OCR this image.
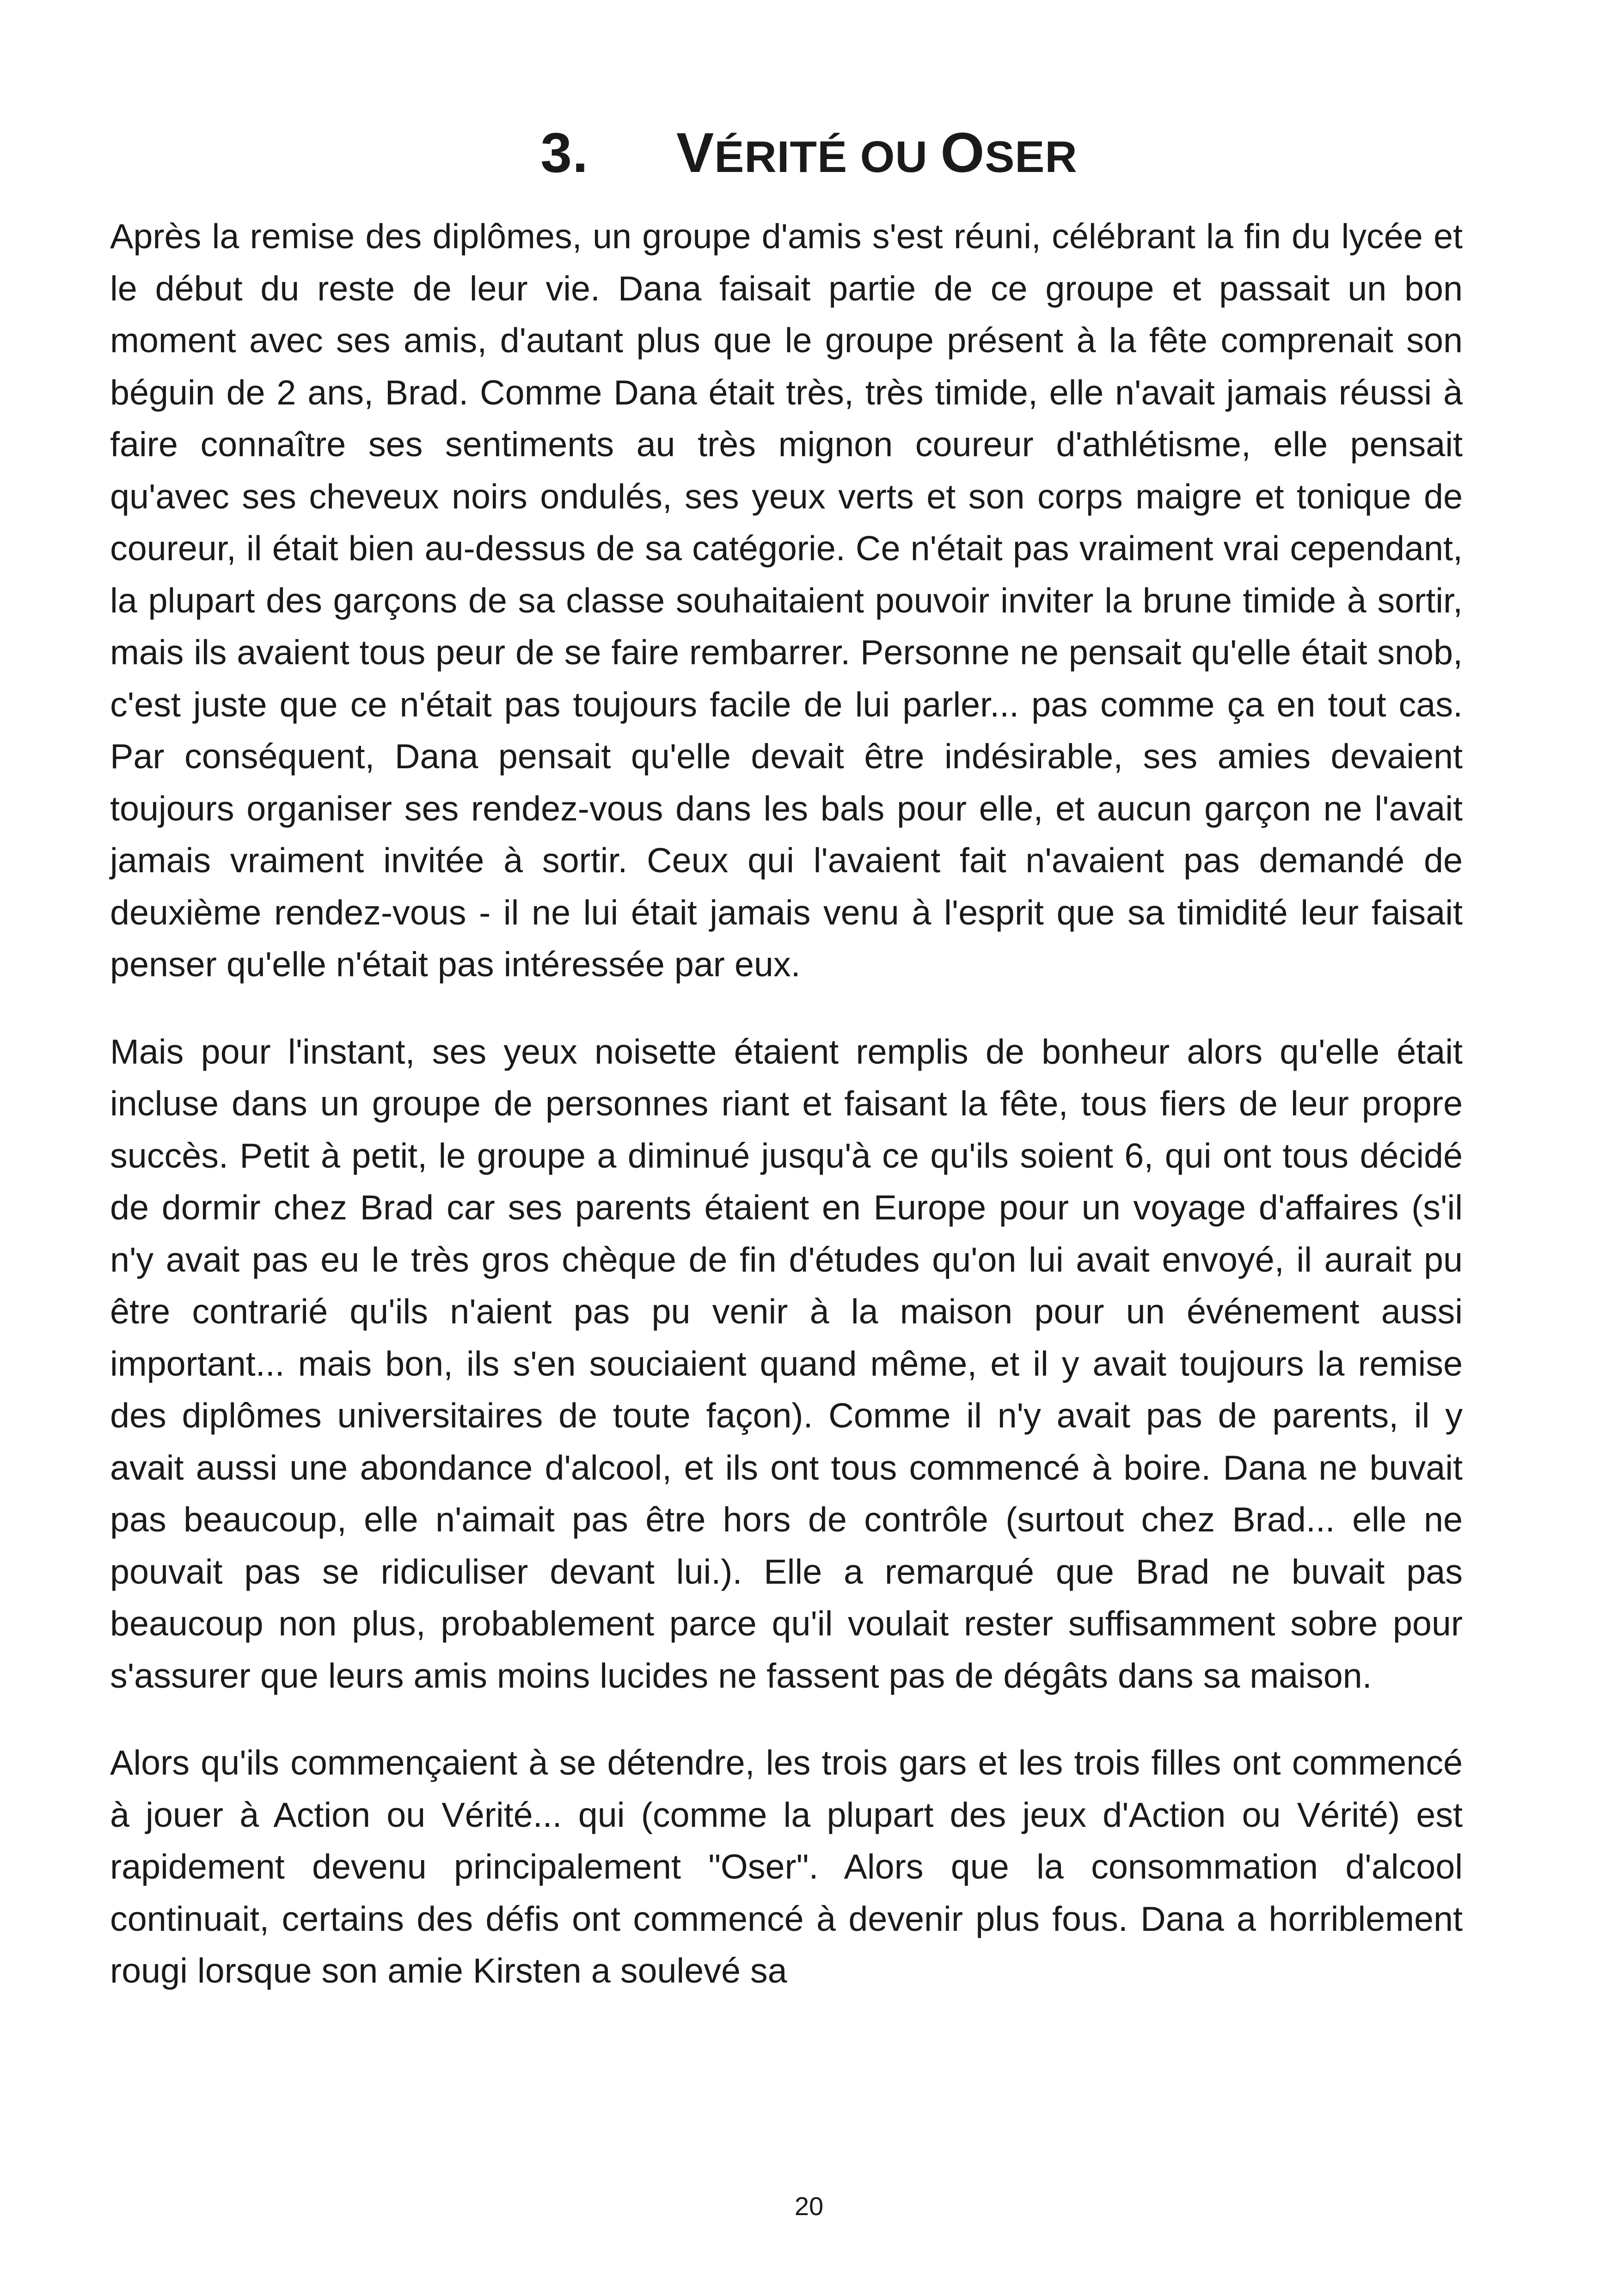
3. VÉRITÉ OU OSER

Après la remise des diplômes, un groupe d'amis s'est réuni, célébrant la fin du lycée et le début du reste de leur vie. Dana faisait partie de ce groupe et passait un bon moment avec ses amis, d'autant plus que le groupe présent à la fête comprenait son béguin de 2 ans, Brad. Comme Dana était très, très timide, elle n'avait jamais réussi à faire connaître ses sentiments au très mignon coureur d'athlétisme, elle pensait qu'avec ses cheveux noirs ondulés, ses yeux verts et son corps maigre et tonique de coureur, il était bien au-dessus de sa catégorie. Ce n'était pas vraiment vrai cependant, la plupart des garçons de sa classe souhaitaient pouvoir inviter la brune timide à sortir, mais ils avaient tous peur de se faire rembarrer. Personne ne pensait qu'elle était snob, c'est juste que ce n'était pas toujours facile de lui parler... pas comme ça en tout cas. Par conséquent, Dana pensait qu'elle devait être indésirable, ses amies devaient toujours organiser ses rendez-vous dans les bals pour elle, et aucun garçon ne l'avait jamais vraiment invitée à sortir. Ceux qui l'avaient fait n'avaient pas demandé de deuxième rendez-vous - il ne lui était jamais venu à l'esprit que sa timidité leur faisait penser qu'elle n'était pas intéressée par eux.

Mais pour l'instant, ses yeux noisette étaient remplis de bonheur alors qu'elle était incluse dans un groupe de personnes riant et faisant la fête, tous fiers de leur propre succès. Petit à petit, le groupe a diminué jusqu'à ce qu'ils soient 6, qui ont tous décidé de dormir chez Brad car ses parents étaient en Europe pour un voyage d'affaires (s'il n'y avait pas eu le très gros chèque de fin d'études qu'on lui avait envoyé, il aurait pu être contrarié qu'ils n'aient pas pu venir à la maison pour un événement aussi important... mais bon, ils s'en souciaient quand même, et il y avait toujours la remise des diplômes universitaires de toute façon). Comme il n'y avait pas de parents, il y avait aussi une abondance d'alcool, et ils ont tous commencé à boire. Dana ne buvait pas beaucoup, elle n'aimait pas être hors de contrôle (surtout chez Brad... elle ne pouvait pas se ridiculiser devant lui.). Elle a remarqué que Brad ne buvait pas beaucoup non plus, probablement parce qu'il voulait rester suffisamment sobre pour s'assurer que leurs amis moins lucides ne fassent pas de dégâts dans sa maison.

Alors qu'ils commençaient à se détendre, les trois gars et les trois filles ont commencé à jouer à Action ou Vérité... qui (comme la plupart des jeux d'Action ou Vérité) est rapidement devenu principalement "Oser". Alors que la consommation d'alcool continuait, certains des défis ont commencé à devenir plus fous. Dana a horriblement rougi lorsque son amie Kirsten a soulevé sa

20
